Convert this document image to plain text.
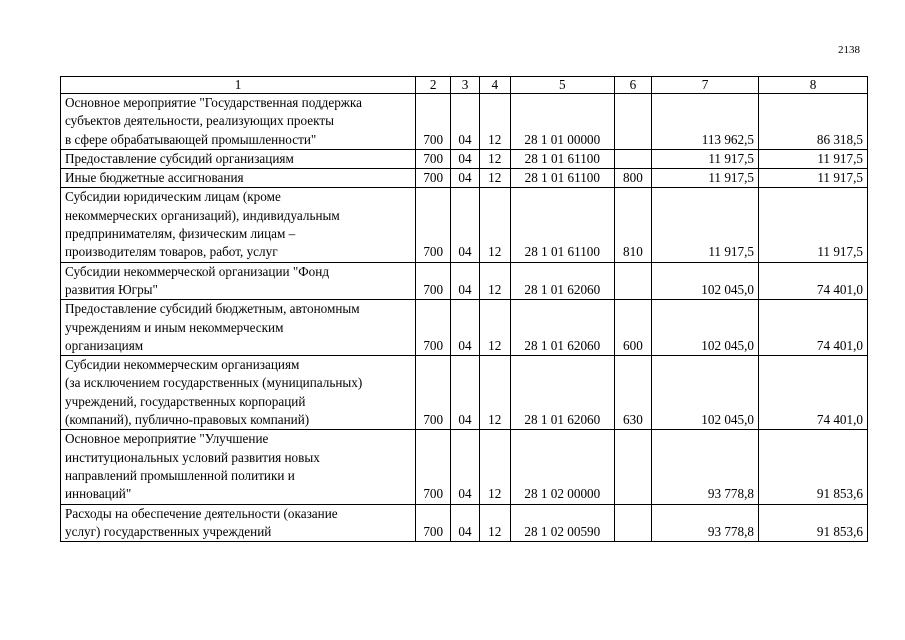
2138
1	2	3	4	5	6	7	8

Основное мероприятие "Государственная поддержка
субъектов деятельности, реализующих проекты
в сфере обрабатывающей промышленности"	700	04	12	28 1 01 00000		113 962,5	86 318,5

Предоставление субсидий организациям	700	04	12	28 1 01 61100		11 917,5	11 917,5

Иные бюджетные ассигнования	700	04	12	28 1 01 61100	800	11 917,5	11 917,5

Субсидии юридическим лицам (кроме
некоммерческих организаций), индивидуальным
предпринимателям, физическим лицам –
производителям товаров, работ, услуг	700	04	12	28 1 01 61100	810	11 917,5	11 917,5

Субсидии некоммерческой организации "Фонд
развития Югры"	700	04	12	28 1 01 62060		102 045,0	74 401,0

Предоставление субсидий бюджетным, автономным
учреждениям и иным некоммерческим
организациям	700	04	12	28 1 01 62060	600	102 045,0	74 401,0

Субсидии некоммерческим организациям
(за исключением государственных (муниципальных)
учреждений, государственных корпораций
(компаний), публично-правовых компаний)	700	04	12	28 1 01 62060	630	102 045,0	74 401,0

Основное мероприятие "Улучшение
институциональных условий развития новых
направлений промышленной политики и
инноваций"	700	04	12	28 1 02 00000		93 778,8	91 853,6

Расходы на обеспечение деятельности (оказание
услуг) государственных учреждений	700	04	12	28 1 02 00590		93 778,8	91 853,6
